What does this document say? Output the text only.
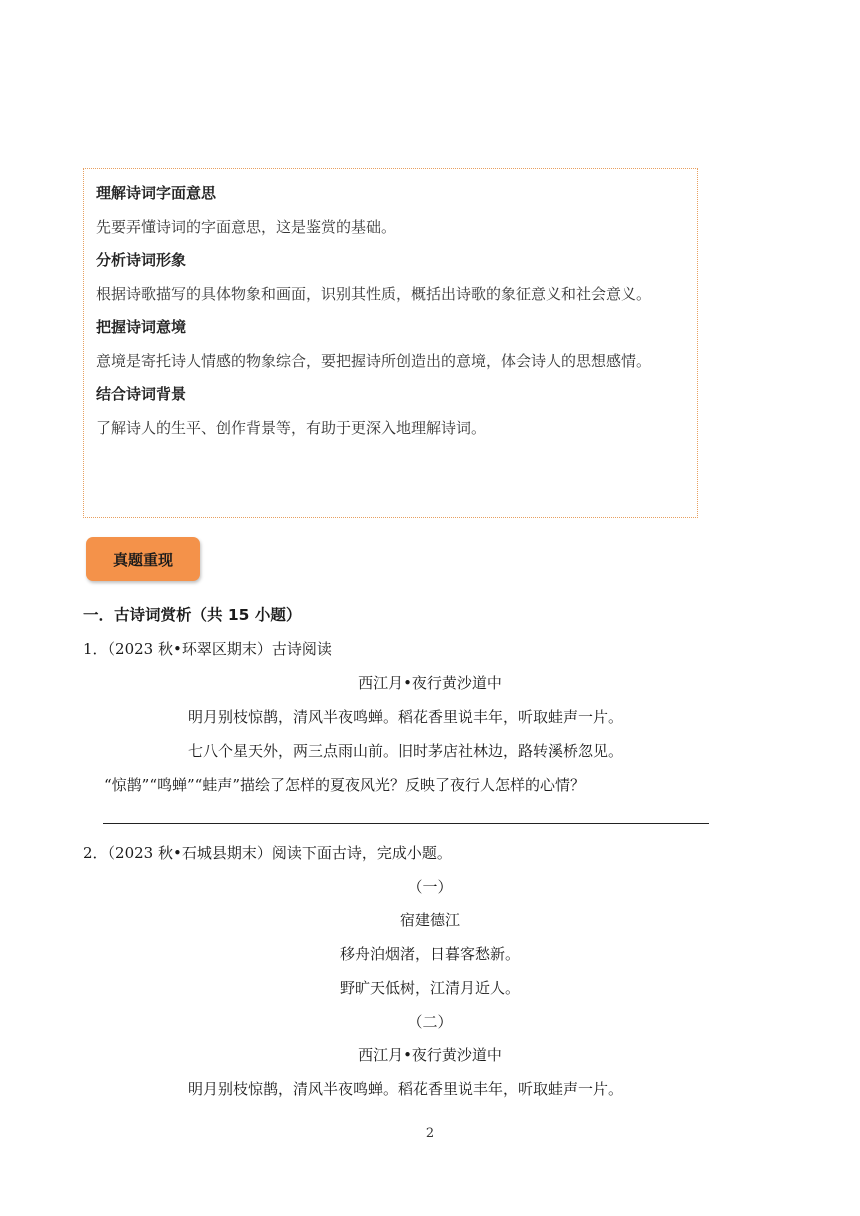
理解诗词字面意思
先要弄懂诗词的字面意思，这是鉴赏的基础。
分析诗词形象
根据诗歌描写的具体物象和画面，识别其性质，概括出诗歌的象征意义和社会意义。
把握诗词意境
意境是寄托诗人情感的物象综合，要把握诗所创造出的意境，体会诗人的思想感情。
结合诗词背景
了解诗人的生平、创作背景等，有助于更深入地理解诗词。
真题重现
一．古诗词赏析（共 15 小题）
1．（2023 秋•环翠区期末）古诗阅读
西江月•夜行黄沙道中
明月别枝惊鹊，清风半夜鸣蝉。稻花香里说丰年，听取蛙声一片。
七八个星天外，两三点雨山前。旧时茅店社林边，路转溪桥忽见。
“惊鹊”“鸣蝉”“蛙声”描绘了怎样的夏夜风光？反映了夜行人怎样的心情？
2．（2023 秋•石城县期末）阅读下面古诗，完成小题。
（一）
宿建德江
移舟泊烟渚，日暮客愁新。
野旷天低树，江清月近人。
（二）
西江月•夜行黄沙道中
明月别枝惊鹊，清风半夜鸣蝉。稻花香里说丰年，听取蛙声一片。
2
